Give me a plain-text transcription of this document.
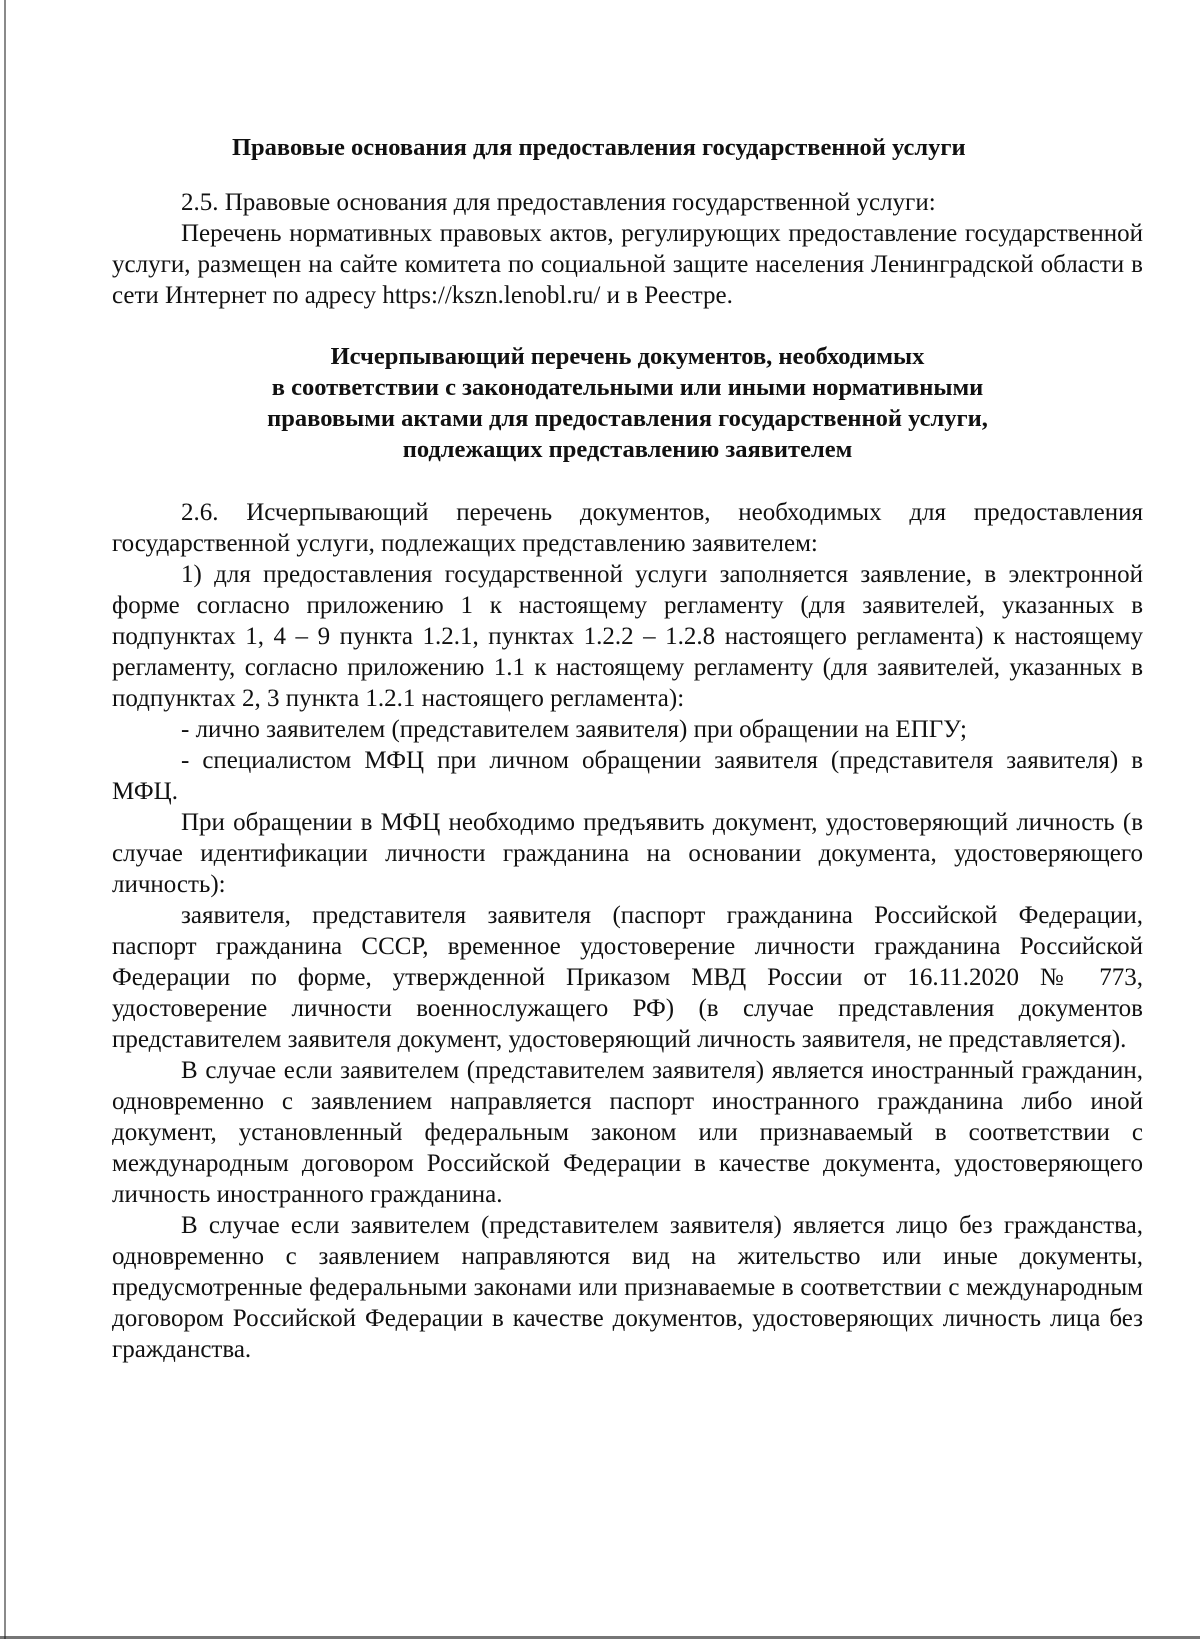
Правовые основания для предоставления государственной услуги

2.5. Правовые основания для предоставления государственной услуги:

Перечень нормативных правовых актов, регулирующих предоставление государственной услуги, размещен на сайте комитета по социальной защите населения Ленинградской области в сети Интернет по адресу https://kszn.lenobl.ru/ и в Реестре.

Исчерпывающий перечень документов, необходимых
в соответствии с законодательными или иными нормативными
правовыми актами для предоставления государственной услуги,
подлежащих представлению заявителем

2.6. Исчерпывающий перечень документов, необходимых для предоставления государственной услуги, подлежащих представлению заявителем:

1) для предоставления государственной услуги заполняется заявление, в электронной форме согласно приложению 1 к настоящему регламенту (для заявителей, указанных в подпунктах 1, 4 – 9 пункта 1.2.1, пунктах 1.2.2 – 1.2.8 настоящего регламента) к настоящему регламенту, согласно приложению 1.1 к настоящему регламенту (для заявителей, указанных в подпунктах 2, 3 пункта 1.2.1 настоящего регламента):

- лично заявителем (представителем заявителя) при обращении на ЕПГУ;

- специалистом МФЦ при личном обращении заявителя (представителя заявителя) в МФЦ.

При обращении в МФЦ необходимо предъявить документ, удостоверяющий личность (в случае идентификации личности гражданина на основании документа, удостоверяющего личность):

заявителя, представителя заявителя (паспорт гражданина Российской Федерации, паспорт гражданина СССР, временное удостоверение личности гражданина Российской Федерации по форме, утвержденной Приказом МВД России от 16.11.2020 № 773, удостоверение личности военнослужащего РФ) (в случае представления документов представителем заявителя документ, удостоверяющий личность заявителя, не представляется).

В случае если заявителем (представителем заявителя) является иностранный гражданин, одновременно с заявлением направляется паспорт иностранного гражданина либо иной документ, установленный федеральным законом или признаваемый в соответствии с международным договором Российской Федерации в качестве документа, удостоверяющего личность иностранного гражданина.

В случае если заявителем (представителем заявителя) является лицо без гражданства, одновременно с заявлением направляются вид на жительство или иные документы, предусмотренные федеральными законами или признаваемые в соответствии с международным договором Российской Федерации в качестве документов, удостоверяющих личность лица без гражданства.
